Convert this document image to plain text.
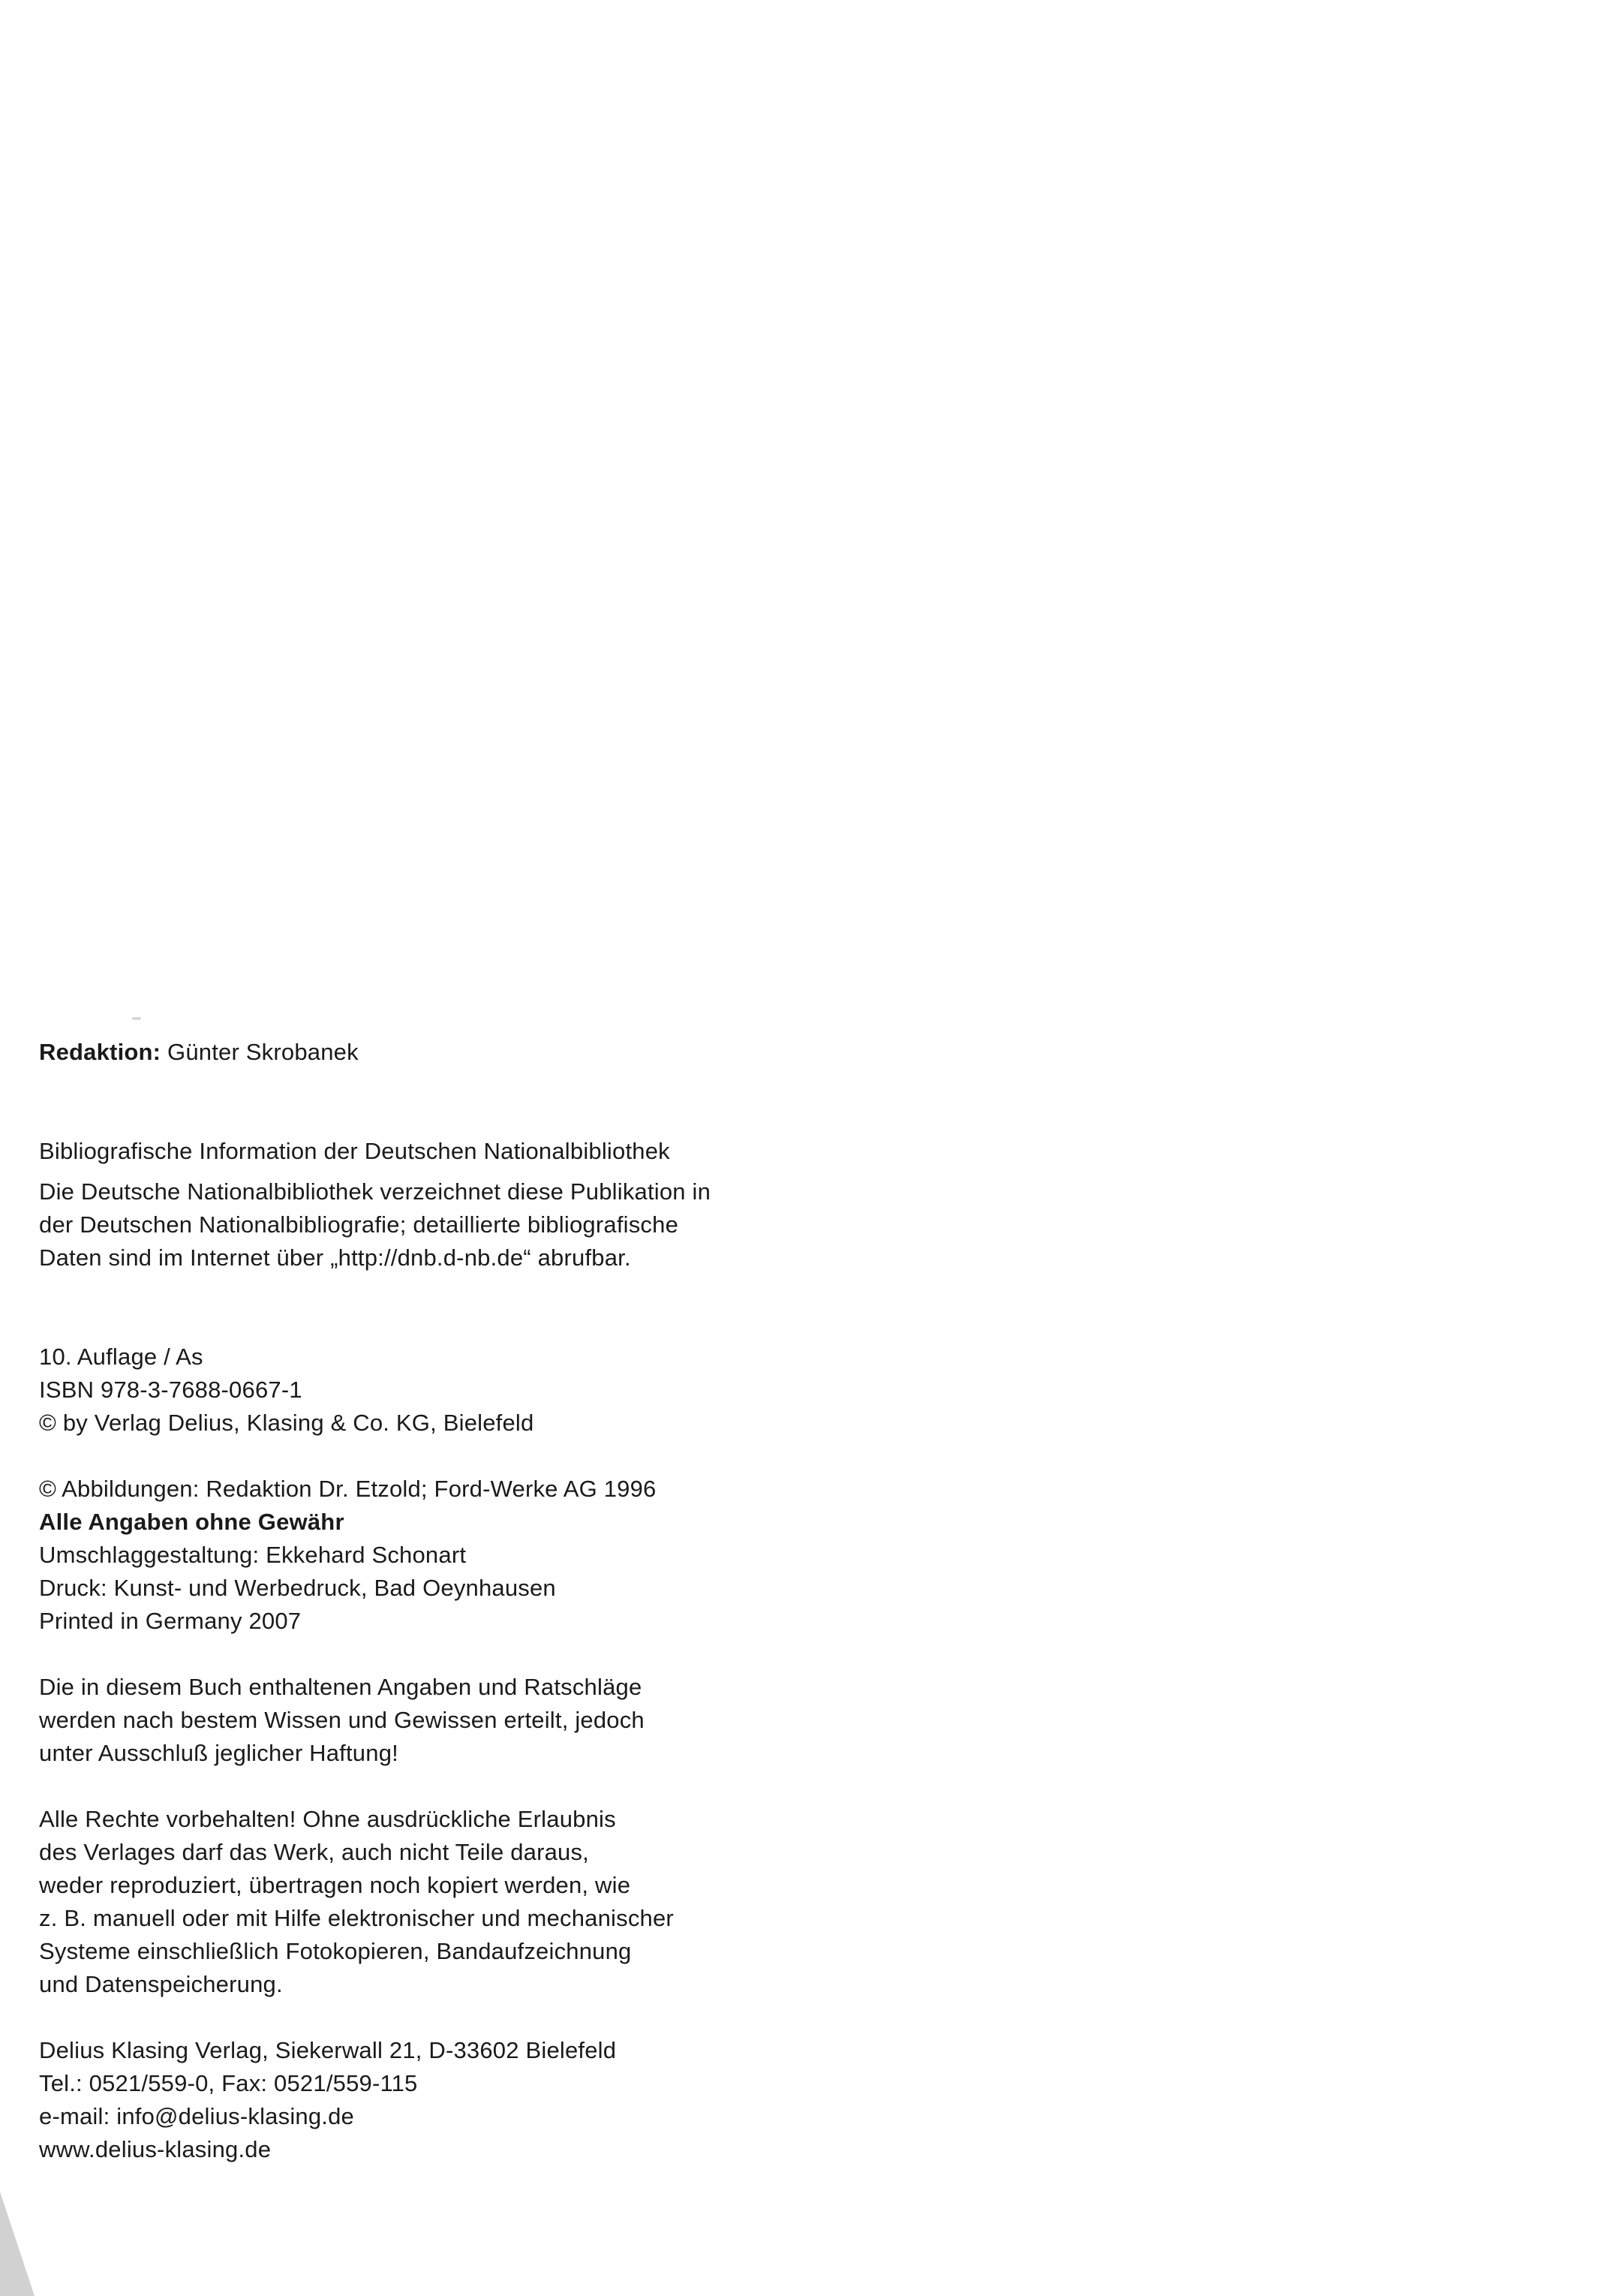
Redaktion: Günter Skrobanek
Bibliografische Information der Deutschen Nationalbibliothek
Die Deutsche Nationalbibliothek verzeichnet diese Publikation in
der Deutschen Nationalbibliografie; detaillierte bibliografische
Daten sind im Internet über „http://dnb.d-nb.de“ abrufbar.
10. Auflage / As
ISBN 978-3-7688-0667-1
© by Verlag Delius, Klasing & Co. KG, Bielefeld
© Abbildungen: Redaktion Dr. Etzold; Ford-Werke AG 1996
Alle Angaben ohne Gewähr
Umschlaggestaltung: Ekkehard Schonart
Druck: Kunst- und Werbedruck, Bad Oeynhausen
Printed in Germany 2007
Die in diesem Buch enthaltenen Angaben und Ratschläge
werden nach bestem Wissen und Gewissen erteilt, jedoch
unter Ausschluß jeglicher Haftung!
Alle Rechte vorbehalten! Ohne ausdrückliche Erlaubnis
des Verlages darf das Werk, auch nicht Teile daraus,
weder reproduziert, übertragen noch kopiert werden, wie
z. B. manuell oder mit Hilfe elektronischer und mechanischer
Systeme einschließlich Fotokopieren, Bandaufzeichnung
und Datenspeicherung.
Delius Klasing Verlag, Siekerwall 21, D-33602 Bielefeld
Tel.: 0521/559-0, Fax: 0521/559-115
e-mail: info@delius-klasing.de
www.delius-klasing.de
